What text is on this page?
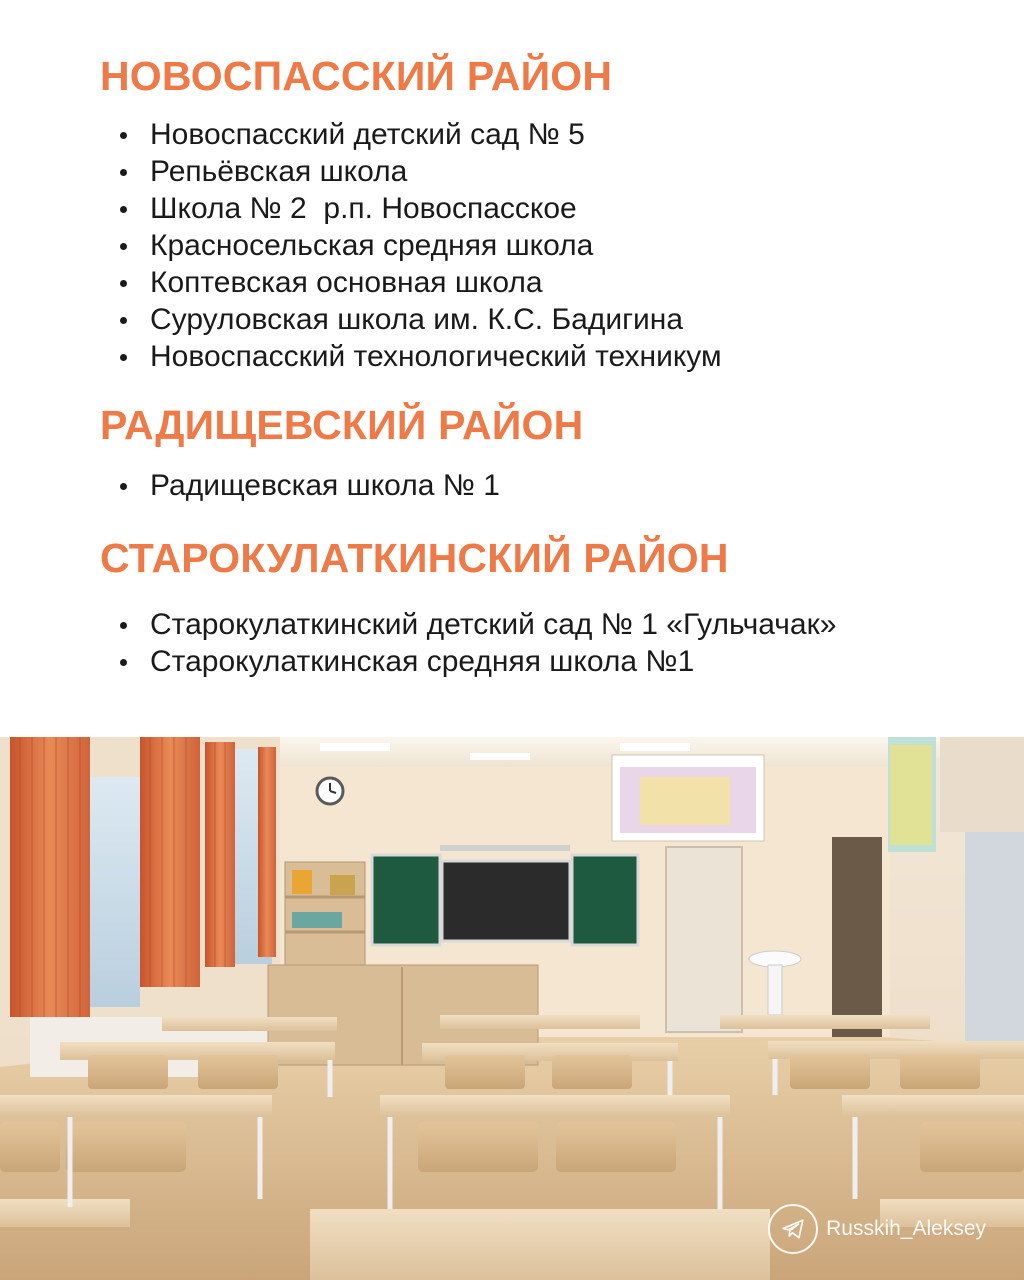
НОВОСПАССКИЙ РАЙОН
Новоспасский детский сад № 5
Репьёвская школа
Школа № 2  р.п. Новоспасское
Красносельская средняя школа
Коптевская основная школа
Суруловская школа им. К.С. Бадигина
Новоспасский технологический техникум
РАДИЩЕВСКИЙ РАЙОН
Радищевская школа № 1
СТАРОКУЛАТКИНСКИЙ РАЙОН
Старокулаткинский детский сад № 1 «Гульчачак»
Старокулаткинская средняя школа №1
Russkih_Aleksey
